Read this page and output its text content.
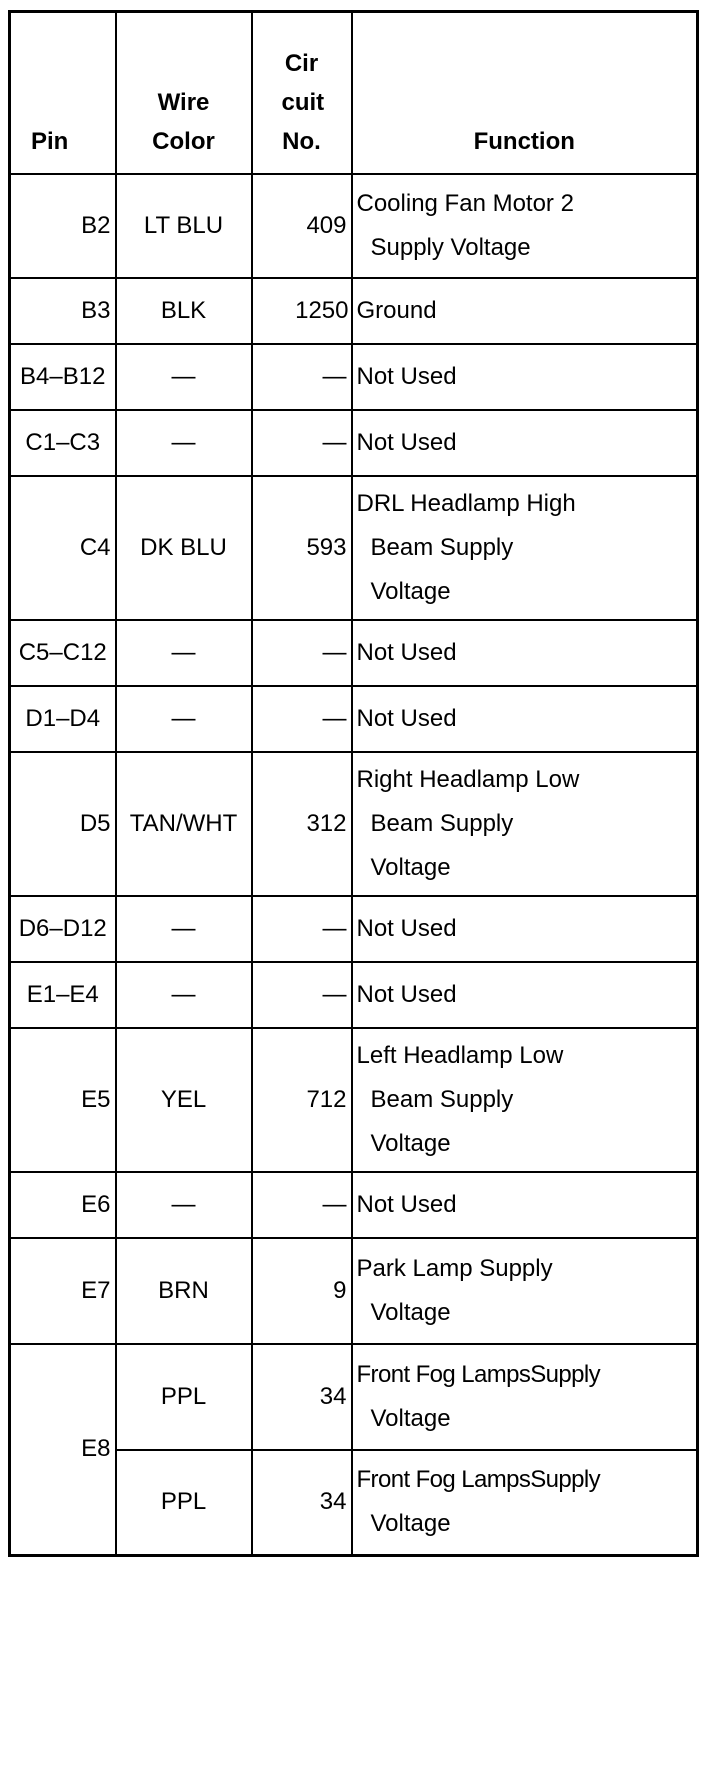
Pin	Wire Color	Cir cuit No.	Function
B2	LT BLU	409	Cooling Fan Motor 2
Supply Voltage

B3	BLK	1250	Ground

B4–B12	—	—	Not Used

C1–C3	—	—	Not Used

C4	DK BLU	593	DRL Headlamp High
Beam Supply
Voltage

C5–C12	—	—	Not Used

D1–D4	—	—	Not Used

D5	TAN/WHT	312	Right Headlamp Low
Beam Supply
Voltage

D6–D12	—	—	Not Used

E1–E4	—	—	Not Used

E5	YEL	712	Left Headlamp Low
Beam Supply
Voltage

E6	—	—	Not Used

E7	BRN	9	Park Lamp Supply
Voltage

E8	PPL	34	Front Fog LampsSupply
Voltage

	PPL	34	Front Fog LampsSupply
Voltage
